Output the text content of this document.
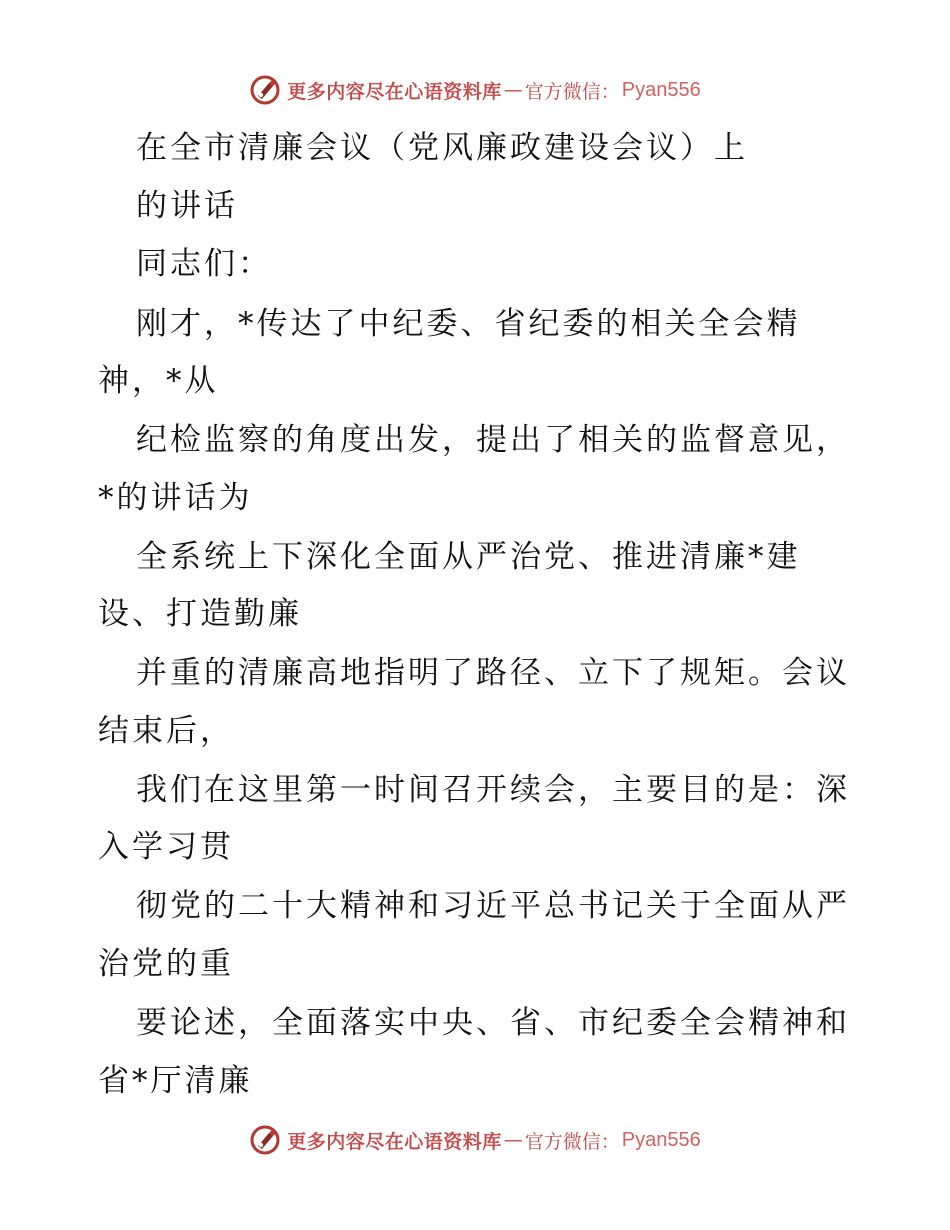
更多内容尽在心语资料库 — 官方微信： Pyan556
在全市清廉会议（党风廉政建设会议）上
的讲话
同志们：
刚才，*传达了中纪委、省纪委的相关全会精
神，*从
纪检监察的角度出发，提出了相关的监督意见，
*的讲话为
全系统上下深化全面从严治党、推进清廉*建
设、打造勤廉
并重的清廉高地指明了路径、立下了规矩。会议
结束后，
我们在这里第一时间召开续会，主要目的是：深
入学习贯
彻党的二十大精神和习近平总书记关于全面从严
治党的重
要论述，全面落实中央、省、市纪委全会精神和
省*厅清廉
更多内容尽在心语资料库 — 官方微信： Pyan556
